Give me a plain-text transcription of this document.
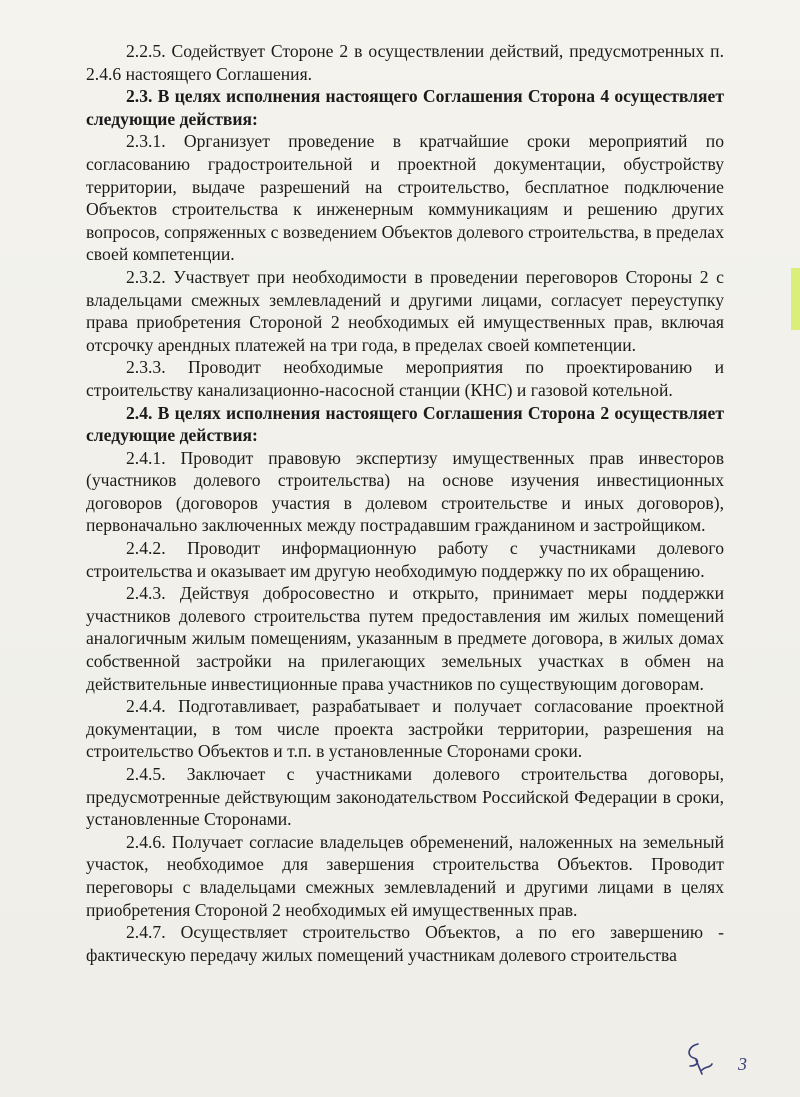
2.2.5. Содействует Стороне 2 в осуществлении действий, предусмотренных п. 2.4.6 настоящего Соглашения.

2.3. В целях исполнения настоящего Соглашения Сторона 4 осуществляет следующие действия:

2.3.1. Организует проведение в кратчайшие сроки мероприятий по согласованию градостроительной и проектной документации, обустройству территории, выдаче разрешений на строительство, бесплатное подключение Объектов строительства к инженерным коммуникациям и решению других вопросов, сопряженных с возведением Объектов долевого строительства, в пределах своей компетенции.

2.3.2. Участвует при необходимости в проведении переговоров Стороны 2 с владельцами смежных землевладений и другими лицами, согласует переуступку права приобретения Стороной 2 необходимых ей имущественных прав, включая отсрочку арендных платежей на три года, в пределах своей компетенции.

2.3.3. Проводит необходимые мероприятия по проектированию и строительству канализационно-насосной станции (КНС) и газовой котельной.

2.4. В целях исполнения настоящего Соглашения Сторона 2 осуществляет следующие действия:

2.4.1. Проводит правовую экспертизу имущественных прав инвесторов (участников долевого строительства) на основе изучения инвестиционных договоров (договоров участия в долевом строительстве и иных договоров), первоначально заключенных между пострадавшим гражданином и застройщиком.

2.4.2. Проводит информационную работу с участниками долевого строительства и оказывает им другую необходимую поддержку по их обращению.

2.4.3. Действуя добросовестно и открыто, принимает меры поддержки участников долевого строительства путем предоставления им жилых помещений аналогичным жилым помещениям, указанным в предмете договора, в жилых домах собственной застройки на прилегающих земельных участках в обмен на действительные инвестиционные права участников по существующим договорам.

2.4.4. Подготавливает, разрабатывает и получает согласование проектной документации, в том числе проекта застройки территории, разрешения на строительство Объектов и т.п. в установленные Сторонами сроки.

2.4.5. Заключает с участниками долевого строительства договоры, предусмотренные действующим законодательством Российской Федерации в сроки, установленные Сторонами.

2.4.6. Получает согласие владельцев обременений, наложенных на земельный участок, необходимое для завершения строительства Объектов. Проводит переговоры с владельцами смежных землевладений и другими лицами в целях приобретения Стороной 2 необходимых ей имущественных прав.

2.4.7. Осуществляет строительство Объектов, а по его завершению - фактическую передачу жилых помещений участникам долевого строительства

3
